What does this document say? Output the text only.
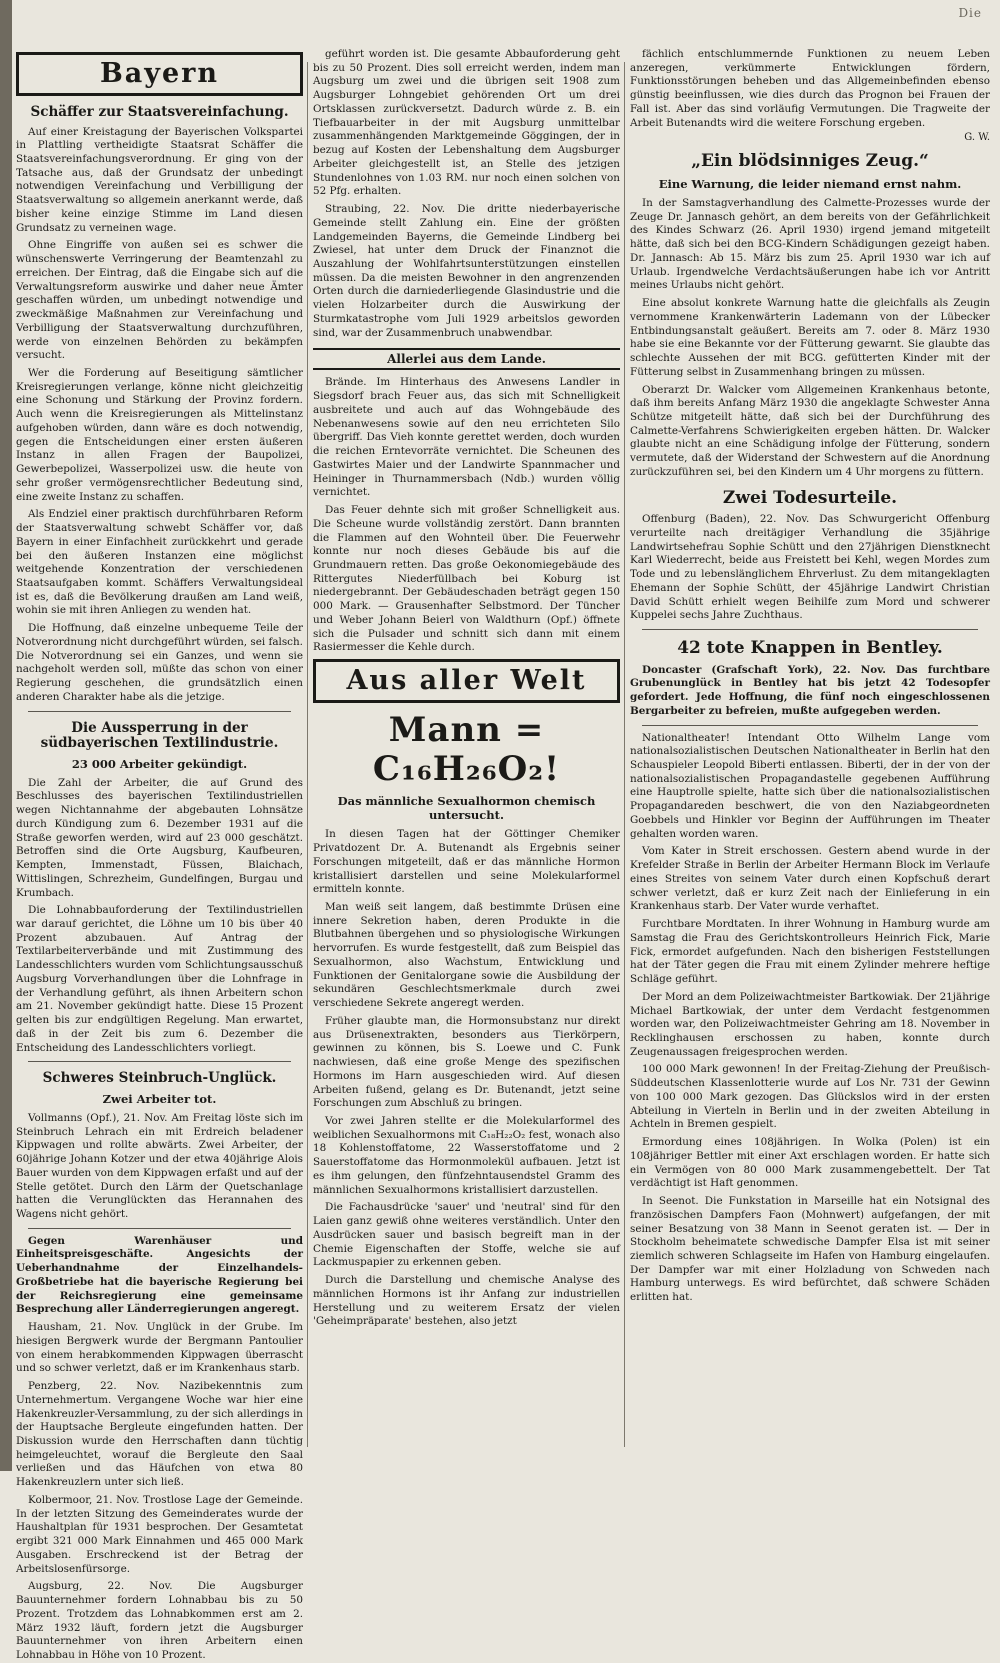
Die
Bayern
Schäffer zur Staatsvereinfachung.

Auf einer Kreistagung der Bayerischen Volkspartei in Plattling vertheidigte Staatsrat Schäffer die Staatsvereinfachungsverordnung. Er ging von der Tatsache aus, daß der Grundsatz der unbedingt notwendigen Vereinfachung und Verbilligung der Staatsverwaltung so allgemein anerkannt werde, daß bisher keine einzige Stimme im Land diesen Grundsatz zu verneinen wage.

Ohne Eingriffe von außen sei es schwer die wünschenswerte Verringerung der Beamtenzahl zu erreichen. Der Eintrag, daß die Eingabe sich auf die Verwaltungsreform auswirke und daher neue Ämter geschaffen würden, um unbedingt notwendige und zweckmäßige Maßnahmen zur Vereinfachung und Verbilligung der Staatsverwaltung durchzuführen, werde von einzelnen Behörden zu bekämpfen versucht.

Wer die Forderung auf Beseitigung sämtlicher Kreisregierungen verlange, könne nicht gleichzeitig eine Schonung und Stärkung der Provinz fordern. Auch wenn die Kreisregierungen als Mittelinstanz aufgehoben würden, dann wäre es doch notwendig, gegen die Entscheidungen einer ersten äußeren Instanz in allen Fragen der Baupolizei, Gewerbepolizei, Wasserpolizei usw. die heute von sehr großer vermögensrechtlicher Bedeutung sind, eine zweite Instanz zu schaffen.

Als Endziel einer praktisch durchführbaren Reform der Staatsverwaltung schwebt Schäffer vor, daß Bayern in einer Einfachheit zurückkehrt und gerade bei den äußeren Instanzen eine möglichst weitgehende Konzentration der verschiedenen Staatsaufgaben kommt. Schäffers Verwaltungsideal ist es, daß die Bevölkerung draußen am Land weiß, wohin sie mit ihren Anliegen zu wenden hat.

Die Hoffnung, daß einzelne unbequeme Teile der Notverordnung nicht durchgeführt würden, sei falsch. Die Notverordnung sei ein Ganzes, und wenn sie nachgeholt werden soll, müßte das schon von einer Regierung geschehen, die grundsätzlich einen anderen Charakter habe als die jetzige.

Die Aussperrung in der südbayerischen Textilindustrie.
23 000 Arbeiter gekündigt.

Die Zahl der Arbeiter, die auf Grund des Beschlusses des bayerischen Textilindustriellen wegen Nichtannahme der abgebauten Lohnsätze durch Kündigung zum 6. Dezember 1931 auf die Straße geworfen werden, wird auf 23 000 geschätzt. Betroffen sind die Orte Augsburg, Kaufbeuren, Kempten, Immenstadt, Füssen, Blaichach, Wittislingen, Schrezheim, Gundelfingen, Burgau und Krumbach.

Die Lohnabbauforderung der Textilindustriellen war darauf gerichtet, die Löhne um 10 bis über 40 Prozent abzubauen. Auf Antrag der Textilarbeiterverbände und mit Zustimmung des Landesschlichters wurden vom Schlichtungsausschuß Augsburg Vorverhandlungen über die Lohnfrage in der Verhandlung geführt, als ihnen Arbeitern schon am 21. November gekündigt hatte. Diese 15 Prozent gelten bis zur endgültigen Regelung. Man erwartet, daß in der Zeit bis zum 6. Dezember die Entscheidung des Landesschlichters vorliegt.

Schweres Steinbruch-Unglück.
Zwei Arbeiter tot.

Vollmanns (Opf.), 21. Nov. Am Freitag löste sich im Steinbruch Lehrach ein mit Erdreich beladener Kippwagen und rollte abwärts. Zwei Arbeiter, der 60jährige Johann Kotzer und der etwa 40jährige Alois Bauer wurden von dem Kippwagen erfaßt und auf der Stelle getötet. Durch den Lärm der Quetschanlage hatten die Verunglückten das Herannahen des Wagens nicht gehört.

Gegen Warenhäuser und Einheitspreisgeschäfte. Angesichts der Ueberhandnahme der Einzelhandels-Großbetriebe hat die bayerische Regierung bei der Reichsregierung eine gemeinsame Besprechung aller Länderregierungen angeregt.

Hausham, 21. Nov. Unglück in der Grube. Im hiesigen Bergwerk wurde der Bergmann Pantoulier von einem herabkommenden Kippwagen überrascht und so schwer verletzt, daß er im Krankenhaus starb.

Penzberg, 22. Nov. Nazibekenntnis zum Unternehmertum. Vergangene Woche war hier eine Hakenkreuzler-Versammlung, zu der sich allerdings in der Hauptsache Bergleute eingefunden hatten. Der Diskussion wurde den Herrschaften dann tüchtig heimgeleuchtet, worauf die Bergleute den Saal verließen und das Häufchen von etwa 80 Hakenkreuzlern unter sich ließ.

Kolbermoor, 21. Nov. Trostlose Lage der Gemeinde. In der letzten Sitzung des Gemeinderates wurde der Haushaltplan für 1931 besprochen. Der Gesamtetat ergibt 321 000 Mark Einnahmen und 465 000 Mark Ausgaben. Erschreckend ist der Betrag der Arbeitslosenfürsorge.

Augsburg, 22. Nov. Die Augsburger Bauunternehmer fordern Lohnabbau bis zu 50 Prozent. Trotzdem das Lohnabkommen erst am 2. März 1932 läuft, fordern jetzt die Augsburger Bauunternehmer von ihren Arbeitern einen Lohnabbau in Höhe von 10 Prozent.

geführt worden ist. Die gesamte Abbauforderung geht bis zu 50 Prozent. Dies soll erreicht werden, indem man Augsburg um zwei und die übrigen seit 1908 zum Augsburger Lohngebiet gehörenden Ort um drei Ortsklassen zurückversetzt. Dadurch würde z. B. ein Tiefbauarbeiter in der mit Augsburg unmittelbar zusammenhängenden Marktgemeinde Göggingen, der in bezug auf Kosten der Lebenshaltung dem Augsburger Arbeiter gleichgestellt ist, an Stelle des jetzigen Stundenlohnes von 1.03 RM. nur noch einen solchen von 52 Pfg. erhalten.

Straubing, 22. Nov. Die dritte niederbayerische Gemeinde stellt Zahlung ein. Eine der größten Landgemeinden Bayerns, die Gemeinde Lindberg bei Zwiesel, hat unter dem Druck der Finanznot die Auszahlung der Wohlfahrtsunterstützungen einstellen müssen. Da die meisten Bewohner in den angrenzenden Orten durch die darniederliegende Glasindustrie und die vielen Holzarbeiter durch die Auswirkung der Sturmkatastrophe vom Juli 1929 arbeitslos geworden sind, war der Zusammenbruch unabwendbar.

Allerlei aus dem Lande.

Brände. Im Hinterhaus des Anwesens Landler in Siegsdorf brach Feuer aus, das sich mit Schnelligkeit ausbreitete und auch auf das Wohngebäude des Nebenanwesens sowie auf den neu errichteten Silo übergriff. Das Vieh konnte gerettet werden, doch wurden die reichen Erntevorräte vernichtet. Die Scheunen des Gastwirtes Maier und der Landwirte Spannmacher und Heininger in Thurnammersbach (Ndb.) wurden völlig vernichtet.

Das Feuer dehnte sich mit großer Schnelligkeit aus. Die Scheune wurde vollständig zerstört. Dann brannten die Flammen auf den Wohnteil über. Die Feuerwehr konnte nur noch dieses Gebäude bis auf die Grundmauern retten. Das große Oekonomiegebäude des Rittergutes Niederfüllbach bei Koburg ist niedergebrannt. Der Gebäudeschaden beträgt gegen 150 000 Mark. — Grausenhafter Selbstmord. Der Tüncher und Weber Johann Beierl von Waldthurn (Opf.) öffnete sich die Pulsader und schnitt sich dann mit einem Rasiermesser die Kehle durch.

Aus aller Welt
Mann = C₁₆H₂₆O₂!
Das männliche Sexualhormon chemisch untersucht.

In diesen Tagen hat der Göttinger Chemiker Privatdozent Dr. A. Butenandt als Ergebnis seiner Forschungen mitgeteilt, daß er das männliche Hormon kristallisiert darstellen und seine Molekularformel ermitteln konnte.

Man weiß seit langem, daß bestimmte Drüsen eine innere Sekretion haben, deren Produkte in die Blutbahnen übergehen und so physiologische Wirkungen hervorrufen. Es wurde festgestellt, daß zum Beispiel das Sexualhormon, also Wachstum, Entwicklung und Funktionen der Genitalorgane sowie die Ausbildung der sekundären Geschlechtsmerkmale durch zwei verschiedene Sekrete angeregt werden.

Früher glaubte man, die Hormonsubstanz nur direkt aus Drüsenextrakten, besonders aus Tierkörpern, gewinnen zu können, bis S. Loewe und C. Funk nachwiesen, daß eine große Menge des spezifischen Hormons im Harn ausgeschieden wird. Auf diesen Arbeiten fußend, gelang es Dr. Butenandt, jetzt seine Forschungen zum Abschluß zu bringen.

Vor zwei Jahren stellte er die Molekularformel des weiblichen Sexualhormons mit C₁₈H₂₂O₂ fest, wonach also 18 Kohlenstoffatome, 22 Wasserstoffatome und 2 Sauerstoffatome das Hormonmolekül aufbauen. Jetzt ist es ihm gelungen, den fünfzehntausendstel Gramm des männlichen Sexualhormons kristallisiert darzustellen.

Die Fachausdrücke 'sauer' und 'neutral' sind für den Laien ganz gewiß ohne weiteres verständlich. Unter den Ausdrücken sauer und basisch begreift man in der Chemie Eigenschaften der Stoffe, welche sie auf Lackmuspapier zu erkennen geben.

Durch die Darstellung und chemische Analyse des männlichen Hormons ist ihr Anfang zur industriellen Herstellung und zu weiterem Ersatz der vielen 'Geheimpräparate' bestehen, also jetzt

fächlich entschlummernde Funktionen zu neuem Leben anzeregen, verkümmerte Entwicklungen fördern, Funktionsstörungen beheben und das Allgemeinbefinden ebenso günstig beeinflussen, wie dies durch das Prognon bei Frauen der Fall ist. Aber das sind vorläufig Vermutungen. Die Tragweite der Arbeit Butenandts wird die weitere Forschung ergeben.

G. W.
„Ein blödsinniges Zeug.“
Eine Warnung, die leider niemand ernst nahm.

In der Samstagverhandlung des Calmette-Prozesses wurde der Zeuge Dr. Jannasch gehört, an dem bereits von der Gefährlichkeit des Kindes Schwarz (26. April 1930) irgend jemand mitgeteilt hätte, daß sich bei den BCG-Kindern Schädigungen gezeigt haben. Dr. Jannasch: Ab 15. März bis zum 25. April 1930 war ich auf Urlaub. Irgendwelche Verdachtsäußerungen habe ich vor Antritt meines Urlaubs nicht gehört.

Eine absolut konkrete Warnung hatte die gleichfalls als Zeugin vernommene Krankenwärterin Lademann von der Lübecker Entbindungsanstalt geäußert. Bereits am 7. oder 8. März 1930 habe sie eine Bekannte vor der Fütterung gewarnt. Sie glaubte das schlechte Aussehen der mit BCG. gefütterten Kinder mit der Fütterung selbst in Zusammenhang bringen zu müssen.

Oberarzt Dr. Walcker vom Allgemeinen Krankenhaus betonte, daß ihm bereits Anfang März 1930 die angeklagte Schwester Anna Schütze mitgeteilt hätte, daß sich bei der Durchführung des Calmette-Verfahrens Schwierigkeiten ergeben hätten. Dr. Walcker glaubte nicht an eine Schädigung infolge der Fütterung, sondern vermutete, daß der Widerstand der Schwestern auf die Anordnung zurückzuführen sei, bei den Kindern um 4 Uhr morgens zu füttern.

Zwei Todesurteile.

Offenburg (Baden), 22. Nov. Das Schwurgericht Offenburg verurteilte nach dreitägiger Verhandlung die 35jährige Landwirtsehefrau Sophie Schütt und den 27jährigen Dienstknecht Karl Wiederrecht, beide aus Freistett bei Kehl, wegen Mordes zum Tode und zu lebenslänglichem Ehrverlust. Zu dem mitangeklagten Ehemann der Sophie Schütt, der 45jährige Landwirt Christian David Schütt erhielt wegen Beihilfe zum Mord und schwerer Kuppelei sechs Jahre Zuchthaus.

42 tote Knappen in Bentley.

Doncaster (Grafschaft York), 22. Nov. Das furchtbare Grubenunglück in Bentley hat bis jetzt 42 Todesopfer gefordert. Jede Hoffnung, die fünf noch eingeschlossenen Bergarbeiter zu befreien, mußte aufgegeben werden.

Nationaltheater! Intendant Otto Wilhelm Lange vom nationalsozialistischen Deutschen Nationaltheater in Berlin hat den Schauspieler Leopold Biberti entlassen. Biberti, der in der von der nationalsozialistischen Propagandastelle gegebenen Aufführung eine Hauptrolle spielte, hatte sich über die nationalsozialistischen Propagandareden beschwert, die von den Naziabgeordneten Goebbels und Hinkler vor Beginn der Aufführungen im Theater gehalten worden waren.

Vom Kater in Streit erschossen. Gestern abend wurde in der Krefelder Straße in Berlin der Arbeiter Hermann Block im Verlaufe eines Streites von seinem Vater durch einen Kopfschuß derart schwer verletzt, daß er kurz Zeit nach der Einlieferung in ein Krankenhaus starb. Der Vater wurde verhaftet.

Furchtbare Mordtaten. In ihrer Wohnung in Hamburg wurde am Samstag die Frau des Gerichtskontrolleurs Heinrich Fick, Marie Fick, ermordet aufgefunden. Nach den bisherigen Feststellungen hat der Täter gegen die Frau mit einem Zylinder mehrere heftige Schläge geführt.

Der Mord an dem Polizeiwachtmeister Bartkowiak. Der 21jährige Michael Bartkowiak, der unter dem Verdacht festgenommen worden war, den Polizeiwachtmeister Gehring am 18. November in Recklinghausen erschossen zu haben, konnte durch Zeugenaussagen freigesprochen werden.

100 000 Mark gewonnen! In der Freitag-Ziehung der Preußisch-Süddeutschen Klassenlotterie wurde auf Los Nr. 731 der Gewinn von 100 000 Mark gezogen. Das Glückslos wird in der ersten Abteilung in Vierteln in Berlin und in der zweiten Abteilung in Achteln in Bremen gespielt.

Ermordung eines 108jährigen. In Wolka (Polen) ist ein 108jähriger Bettler mit einer Axt erschlagen worden. Er hatte sich ein Vermögen von 80 000 Mark zusammengebettelt. Der Tat verdächtigt ist Haft genommen.

In Seenot. Die Funkstation in Marseille hat ein Notsignal des französischen Dampfers Faon (Mohnwert) aufgefangen, der mit seiner Besatzung von 38 Mann in Seenot geraten ist. — Der in Stockholm beheimatete schwedische Dampfer Elsa ist mit seiner ziemlich schweren Schlagseite im Hafen von Hamburg eingelaufen. Der Dampfer war mit einer Holzladung von Schweden nach Hamburg unterwegs. Es wird befürchtet, daß schwere Schäden erlitten hat.
